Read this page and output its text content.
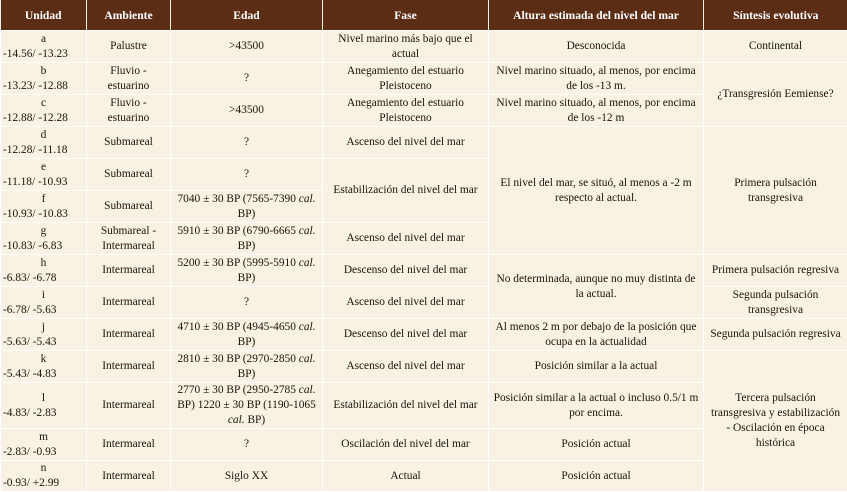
Unidad	Ambiente	Edad	Fase	Altura estimada del nivel del mar	Síntesis evolutiva

a
-14.56/ -13.23	Palustre	>43500	Nivel marino más bajo que el actual	Desconocida	Continental

b
-13.23/ -12.88	Fluvio - estuarino	?	Anegamiento del estuario Pleistoceno	Nivel marino situado, al menos, por encima de los -13 m.	¿Transgresión Eemiense?

c
-12.88/ -12.28	Fluvio - estuarino	>43500	Anegamiento del estuario Pleistoceno	Nivel marino situado, al menos, por encima de los -12 m	

d
-12.28/ -11.18	Submareal	?	Ascenso del nivel del mar	El nivel del mar, se situó, al menos a -2 m respecto al actual.	Primera pulsación transgresiva

e
-11.18/ -10.93	Submareal	?	Estabilización del nivel del mar		

f
-10.93/ -10.83	Submareal	7040 ± 30 BP (7565-7390 cal. BP)			

g
-10.83/ -6.83	Submareal - Intermareal	5910 ± 30 BP (6790-6665 cal. BP)	Ascenso del nivel del mar		

h
-6.83/ -6.78	Intermareal	5200 ± 30 BP (5995-5910 cal. BP)	Descenso del nivel del mar	No determinada, aunque no muy distinta de la actual.	Primera pulsación regresiva

i
-6.78/ -5.63	Intermareal	?	Ascenso del nivel del mar		Segunda pulsación transgresiva

j
-5.63/ -5.43	Intermareal	4710 ± 30 BP (4945-4650 cal. BP)	Descenso del nivel del mar	Al menos 2 m por debajo de la posición que ocupa en la actualidad	Segunda pulsación regresiva

k
-5.43/ -4.83	Intermareal	2810 ± 30 BP (2970-2850 cal. BP)	Ascenso del nivel del mar	Posición similar a la actual	Tercera pulsación transgresiva y estabilización - Oscilación en época histórica

l
-4.83/ -2.83	Intermareal	2770 ± 30 BP (2950-2785 cal. BP) 1220 ± 30 BP (1190-1065 cal. BP)	Estabilización del nivel del mar	Posición similar a la actual o incluso 0.5/1 m por encima.	

m
-2.83/ -0.93	Intermareal	?	Oscilación del nivel del mar	Posición actual	

n
-0.93/ +2.99	Intermareal	Siglo XX	Actual	Posición actual	
